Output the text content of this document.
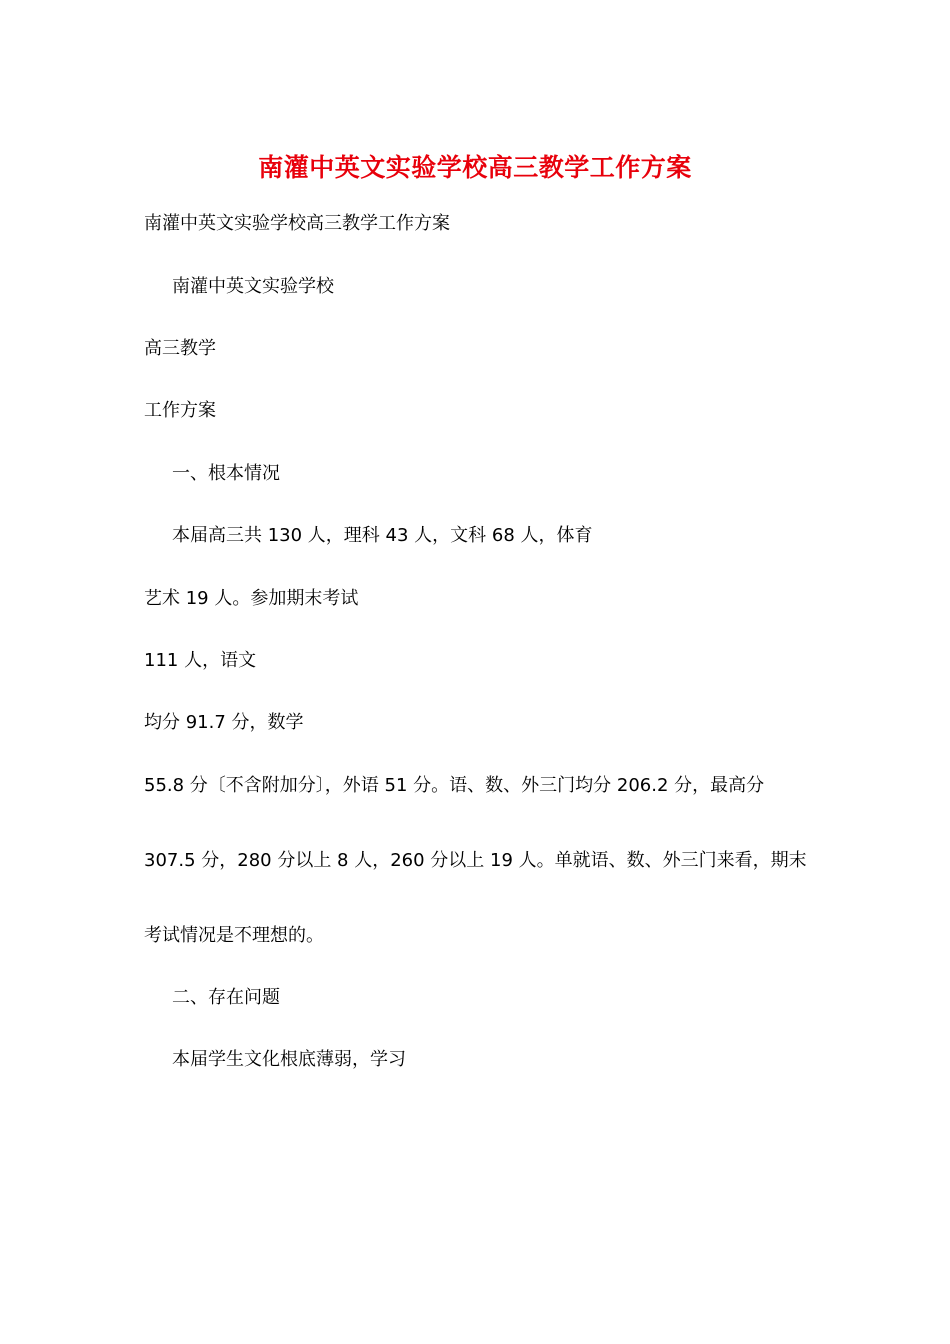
南灌中英文实验学校高三教学工作方案
南灌中英文实验学校高三教学工作方案
南灌中英文实验学校
高三教学
工作方案
一、根本情况
本届高三共 130 人，理科 43 人，文科 68 人，体育
艺术 19 人。参加期末考试
111 人，语文
均分 91.7 分，数学
55.8 分〔不含附加分〕，外语 51 分。语、数、外三门均分 206.2 分，最高分
307.5 分，280 分以上 8 人，260 分以上 19 人。单就语、数、外三门来看，期末
考试情况是不理想的。
二、存在问题
本届学生文化根底薄弱，学习
